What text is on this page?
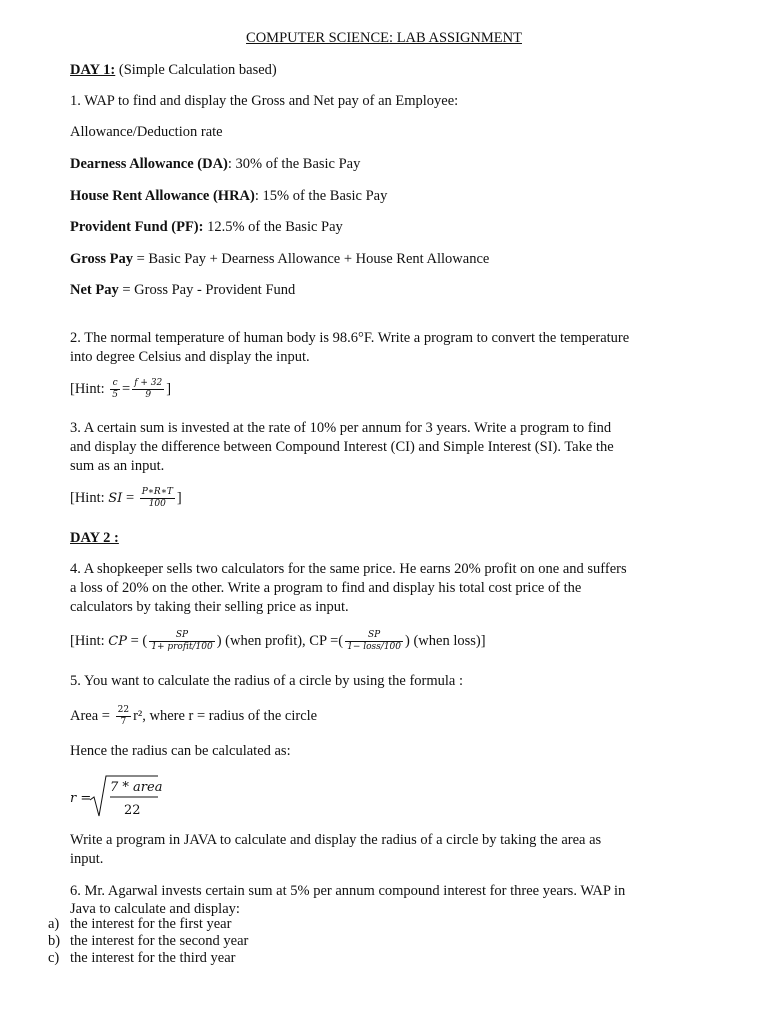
COMPUTER SCIENCE: LAB ASSIGNMENT
DAY 1: (Simple Calculation based)
1. WAP to find and display the Gross and Net pay of an Employee:
Allowance/Deduction rate
Dearness Allowance (DA): 30% of the Basic Pay
House Rent Allowance (HRA): 15% of the Basic Pay
Provident Fund (PF): 12.5% of the Basic Pay
Gross Pay = Basic Pay + Dearness Allowance + House Rent Allowance
Net Pay = Gross Pay - Provident Fund
2. The normal temperature of human body is 98.6°F. Write a program to convert the temperature
into degree Celsius and display the input.
[Hint: $\frac{c}{5} = \frac{f + 32}{9}$ ]
3. A certain sum is invested at the rate of 10% per annum for 3 years. Write a program to find
and display the difference between Compound Interest (CI) and Simple Interest (SI). Take the
sum as an input.
[Hint: SI = $\frac{P∗R∗T}{100}$ ]
DAY 2 :
4. A shopkeeper sells two calculators for the same price. He earns 20% profit on one and suffers
a loss of 20% on the other. Write a program to find and display his total cost price of the
calculators by taking their selling price as input.
[Hint: CP = ( $\frac{SP}{\text{1+ profit/100}}$ ) (when profit), CP =( $\frac{SP}{\text{1− loss/100}}$ ) (when loss)]
5. You want to calculate the radius of a circle by using the formula :
Area = $\frac{22}{7} r^2$, where r = radius of the circle
Hence the radius can be calculated as:
r =
7 * area
22
Write a program in JAVA to calculate and display the radius of a circle by taking the area as
input.
6. Mr. Agarwal invests certain sum at 5% per annum compound interest for three years. WAP in
Java to calculate and display:
a) the interest for the first year
b) the interest for the second year
c) the interest for the third year
